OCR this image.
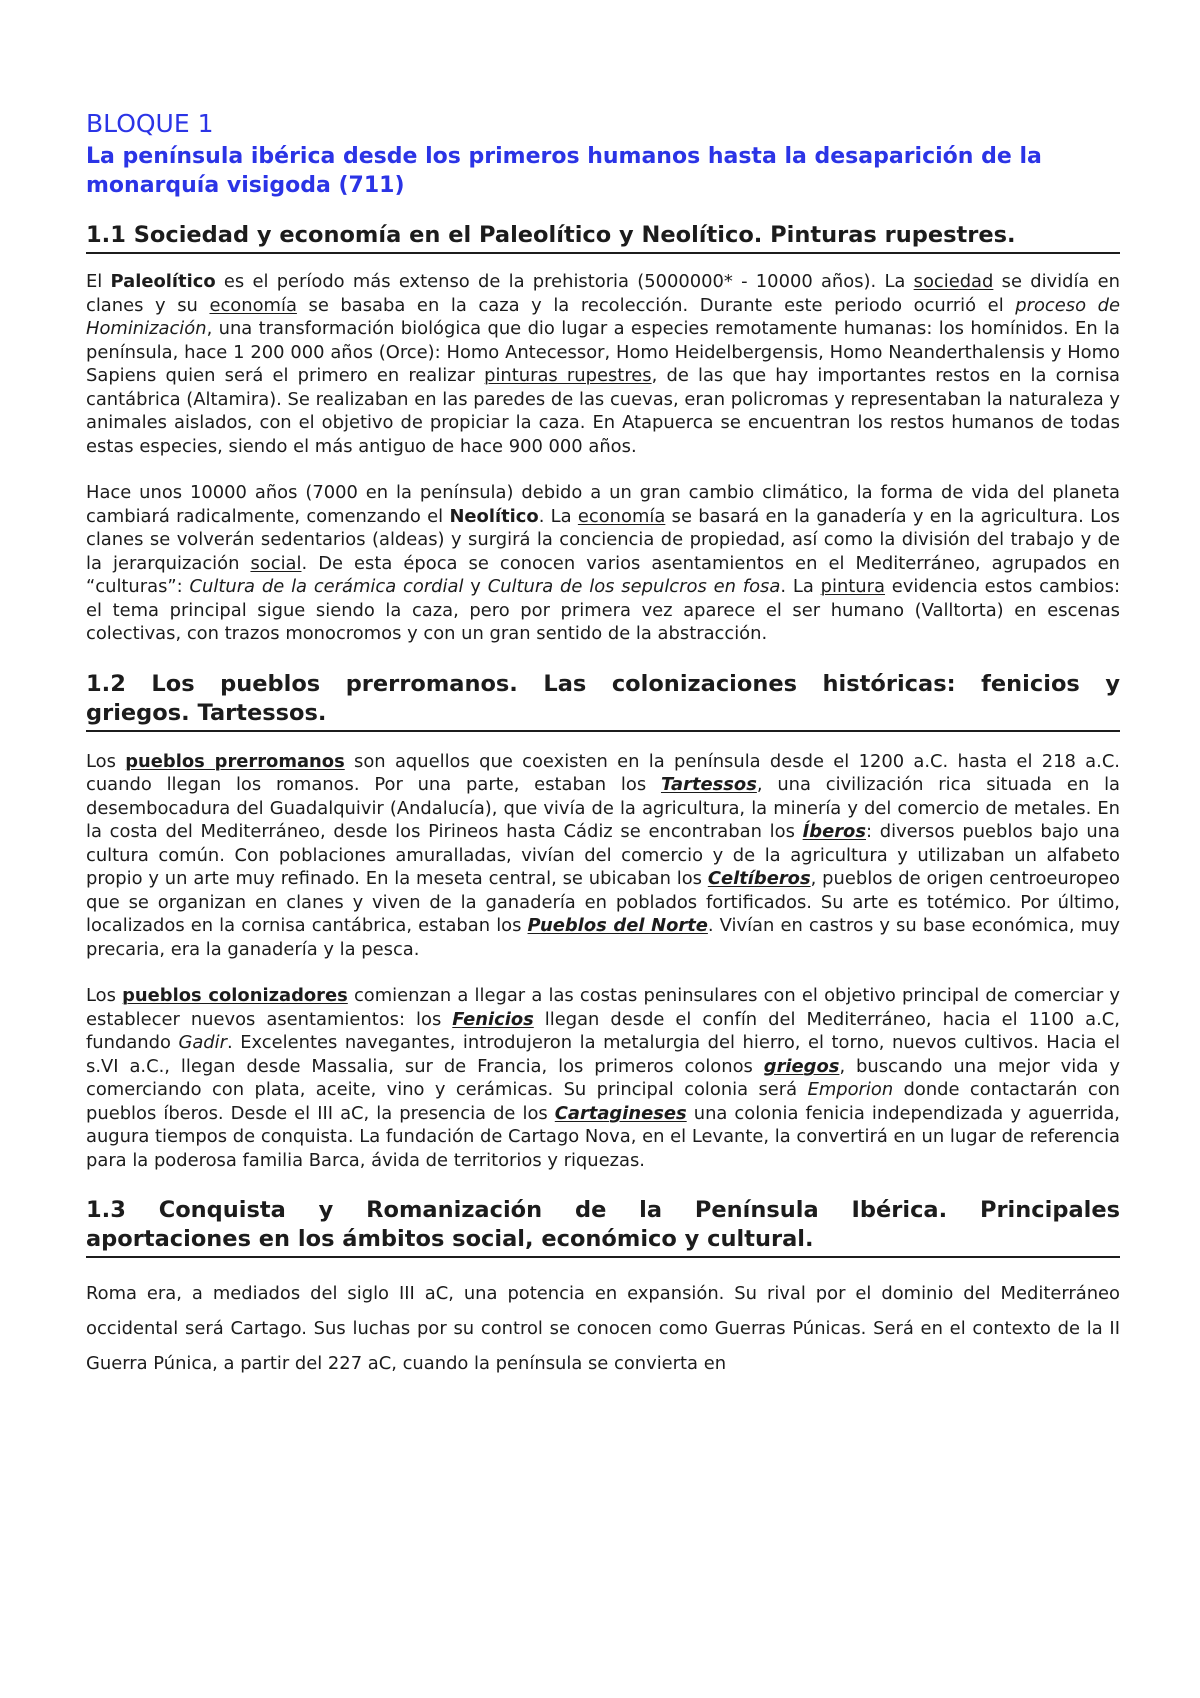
BLOQUE 1
La península ibérica desde los primeros humanos hasta la desaparición de la monarquía visigoda (711)
1.1 Sociedad y economía en el Paleolítico y Neolítico. Pinturas rupestres.

El Paleolítico es el período más extenso de la prehistoria (5000000* - 10000 años). La sociedad se dividía en clanes y su economía se basaba en la caza y la recolección. Durante este periodo ocurrió el proceso de Hominización, una transformación biológica que dio lugar a especies remotamente humanas: los homínidos. En la península, hace 1 200 000 años (Orce): Homo Antecessor, Homo Heidelbergensis, Homo Neanderthalensis y Homo Sapiens quien será el primero en realizar pinturas rupestres, de las que hay importantes restos en la cornisa cantábrica (Altamira). Se realizaban en las paredes de las cuevas, eran policromas y representaban la naturaleza y animales aislados, con el objetivo de propiciar la caza. En Atapuerca se encuentran los restos humanos de todas estas especies, siendo el más antiguo de hace 900 000 años.

Hace unos 10000 años (7000 en la península) debido a un gran cambio climático, la forma de vida del planeta cambiará radicalmente, comenzando el Neolítico. La economía se basará en la ganadería y en la agricultura. Los clanes se volverán sedentarios (aldeas) y surgirá la conciencia de propiedad, así como la división del trabajo y de la jerarquización social. De esta época se conocen varios asentamientos en el Mediterráneo, agrupados en “culturas”: Cultura de la cerámica cordial y Cultura de los sepulcros en fosa. La pintura evidencia estos cambios: el tema principal sigue siendo la caza, pero por primera vez aparece el ser humano (Valltorta) en escenas colectivas, con trazos monocromos y con un gran sentido de la abstracción.

1.2 Los pueblos prerromanos. Las colonizaciones históricas: fenicios y
griegos. Tartessos.

Los pueblos prerromanos son aquellos que coexisten en la península desde el 1200 a.C. hasta el 218 a.C. cuando llegan los romanos. Por una parte, estaban los Tartessos, una civilización rica situada en la desembocadura del Guadalquivir (Andalucía), que vivía de la agricultura, la minería y del comercio de metales. En la costa del Mediterráneo, desde los Pirineos hasta Cádiz se encontraban los Íberos: diversos pueblos bajo una cultura común. Con poblaciones amuralladas, vivían del comercio y de la agricultura y utilizaban un alfabeto propio y un arte muy refinado. En la meseta central, se ubicaban los Celtíberos, pueblos de origen centroeuropeo que se organizan en clanes y viven de la ganadería en poblados fortificados. Su arte es totémico. Por último, localizados en la cornisa cantábrica, estaban los Pueblos del Norte. Vivían en castros y su base económica, muy precaria, era la ganadería y la pesca.

Los pueblos colonizadores comienzan a llegar a las costas peninsulares con el objetivo principal de comerciar y establecer nuevos asentamientos: los Fenicios llegan desde el confín del Mediterráneo, hacia el 1100 a.C, fundando Gadir. Excelentes navegantes, introdujeron la metalurgia del hierro, el torno, nuevos cultivos. Hacia el s.VI a.C., llegan desde Massalia, sur de Francia, los primeros colonos griegos, buscando una mejor vida y comerciando con plata, aceite, vino y cerámicas. Su principal colonia será Emporion donde contactarán con pueblos íberos. Desde el III aC, la presencia de los Cartagineses una colonia fenicia independizada y aguerrida, augura tiempos de conquista. La fundación de Cartago Nova, en el Levante, la convertirá en un lugar de referencia para la poderosa familia Barca, ávida de territorios y riquezas.

1.3 Conquista y Romanización de la Península Ibérica. Principales
aportaciones en los ámbitos social, económico y cultural.

Roma era, a mediados del siglo III aC, una potencia en expansión. Su rival por el dominio del Mediterráneo occidental será Cartago. Sus luchas por su control se conocen como Guerras Púnicas. Será en el contexto de la II Guerra Púnica, a partir del 227 aC, cuando la península se convierta en
